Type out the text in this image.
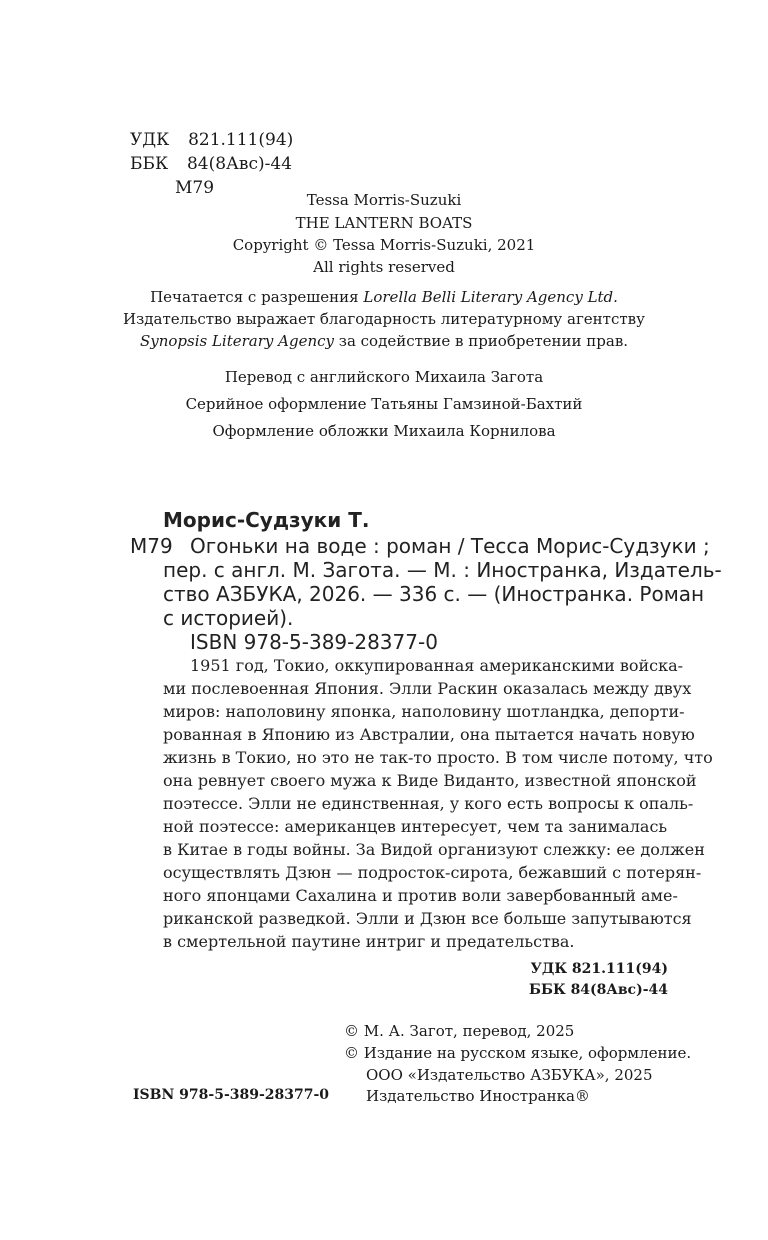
УДК 821.111(94)
ББК 84(8Авс)-44
М79
Tessa Morris-Suzuki
THE LANTERN BOATS
Copyright © Tessa Morris-Suzuki, 2021
All rights reserved
Печатается с разрешения Lorella Belli Literary Agency Ltd.
Издательство выражает благодарность литературному агентству
Synopsis Literary Agency за содействие в приобретении прав.
Перевод с английского Михаила Загота
Серийное оформление Татьяны Гамзиной-Бахтий
Оформление обложки Михаила Корнилова
Морис-Судзуки Т.
М79 Огоньки на воде : роман / Тесса Морис-Судзуки ;
пер. с англ. М. Загота. — М. : Иностранка, Издатель-
ство АЗБУКА, 2026. — 336 с. — (Иностранка. Роман
с историей).
ISBN 978-5-389-28377-0
1951 год, Токио, оккупированная американскими войска-
ми послевоенная Япония. Элли Раскин оказалась между двух
миров: наполовину японка, наполовину шотландка, депорти-
рованная в Японию из Австралии, она пытается начать новую
жизнь в Токио, но это не так-то просто. В том числе потому, что
она ревнует своего мужа к Виде Виданто, известной японской
поэтессе. Элли не единственная, у кого есть вопросы к опаль-
ной поэтессе: американцев интересует, чем та занималась
в Китае в годы войны. За Видой организуют слежку: ее должен
осуществлять Дзюн — подросток-сирота, бежавший с потерян-
ного японцами Сахалина и против воли завербованный аме-
риканской разведкой. Элли и Дзюн все больше запутываются
в смертельной паутине интриг и предательства.
УДК 821.111(94)
ББК 84(8Авс)-44
© М. А. Загот, перевод, 2025
© Издание на русском языке, оформление.
ООО «Издательство АЗБУКА», 2025
ISBN 978-5-389-28377-0 Издательство Иностранка®
